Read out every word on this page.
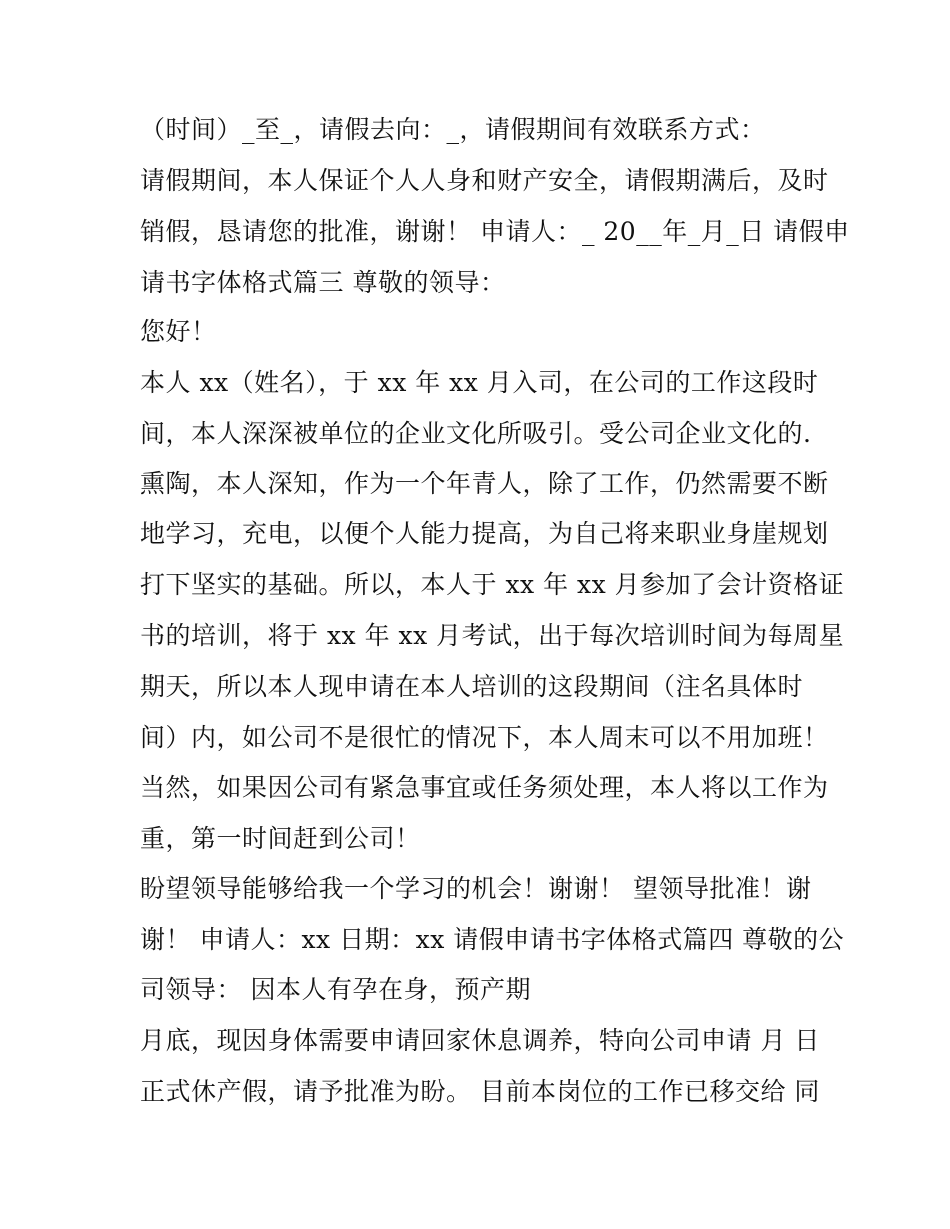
（时间）_至_，请假去向：_，请假期间有效联系方式：
请假期间，本人保证个人人身和财产安全，请假期满后，及时
销假，恳请您的批准，谢谢！ 申请人：_ 20__年_月_日 请假申
请书字体格式篇三 尊敬的领导：
您好！
本人 xx（姓名），于 xx 年 xx 月入司，在公司的工作这段时
间，本人深深被单位的企业文化所吸引。受公司企业文化的.
熏陶，本人深知，作为一个年青人，除了工作，仍然需要不断
地学习，充电，以便个人能力提高，为自己将来职业身崖规划
打下坚实的基础。所以，本人于 xx 年 xx 月参加了会计资格证
书的培训，将于 xx 年 xx 月考试，出于每次培训时间为每周星
期天，所以本人现申请在本人培训的这段期间（注名具体时
间）内，如公司不是很忙的情况下，本人周末可以不用加班！
当然，如果因公司有紧急事宜或任务须处理，本人将以工作为
重，第一时间赶到公司！
盼望领导能够给我一个学习的机会！谢谢！ 望领导批准！谢
谢！ 申请人：xx 日期：xx 请假申请书字体格式篇四 尊敬的公
司领导： 因本人有孕在身，预产期
月底，现因身体需要申请回家休息调养，特向公司申请 月 日
正式休产假，请予批准为盼。 目前本岗位的工作已移交给 同
